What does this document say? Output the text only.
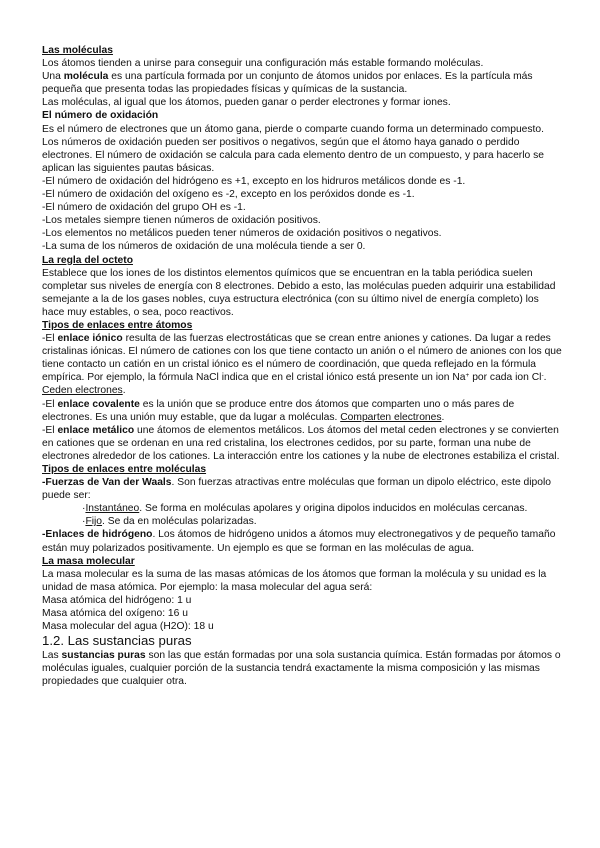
Las moléculas

Los átomos tienden a unirse para conseguir una configuración más estable formando moléculas.

Una molécula es una partícula formada por un conjunto de átomos unidos por enlaces. Es la partícula más pequeña que presenta todas las propiedades físicas y químicas de la sustancia.

Las moléculas, al igual que los átomos, pueden ganar o perder electrones y formar iones.

El número de oxidación

Es el número de electrones que un átomo gana, pierde o comparte cuando forma un determinado compuesto. Los números de oxidación pueden ser positivos o negativos, según que el átomo haya ganado o perdido electrones. El número de oxidación se calcula para cada elemento dentro de un compuesto, y para hacerlo se aplican las siguientes pautas básicas.

-El número de oxidación del hidrógeno es +1, excepto en los hidruros metálicos donde es -1.

-El número de oxidación del oxígeno es -2, excepto en los peróxidos donde es -1.

-El número de oxidación del grupo OH es -1.

-Los metales siempre tienen números de oxidación positivos.

-Los elementos no metálicos pueden tener números de oxidación positivos o negativos.

-La suma de los números de oxidación de una molécula tiende a ser 0.

La regla del octeto

Establece que los iones de los distintos elementos químicos que se encuentran en la tabla periódica suelen completar sus niveles de energía con 8 electrones. Debido a esto, las moléculas pueden adquirir una estabilidad semejante a la de los gases nobles, cuya estructura electrónica (con su último nivel de energía completo) los hace muy estables, o sea, poco reactivos.

Tipos de enlaces entre átomos

-El enlace iónico resulta de las fuerzas electrostáticas que se crean entre aniones y cationes. Da lugar a redes cristalinas iónicas. El número de cationes con los que tiene contacto un anión o el número de aniones con los que tiene contacto un catión en un cristal iónico es el número de coordinación, que queda reflejado en la fórmula empírica. Por ejemplo, la fórmula NaCl indica que en el cristal iónico está presente un ion Na+ por cada ion Cl-. Ceden electrones.

-El enlace covalente es la unión que se produce entre dos átomos que comparten uno o más pares de electrones. Es una unión muy estable, que da lugar a moléculas. Comparten electrones.

-El enlace metálico une átomos de elementos metálicos. Los átomos del metal ceden electrones y se convierten en cationes que se ordenan en una red cristalina, los electrones cedidos, por su parte, forman una nube de electrones alrededor de los cationes. La interacción entre los cationes y la nube de electrones estabiliza el cristal.

Tipos de enlaces entre moléculas

-Fuerzas de Van der Waals. Son fuerzas atractivas entre moléculas que forman un dipolo eléctrico, este dipolo puede ser:

·Instantáneo. Se forma en moléculas apolares y origina dipolos inducidos en moléculas cercanas.

·Fijo. Se da en moléculas polarizadas.

-Enlaces de hidrógeno. Los átomos de hidrógeno unidos a átomos muy electronegativos y de pequeño tamaño están muy polarizados positivamente. Un ejemplo es que se forman en las moléculas de agua.

La masa molecular

La masa molecular es la suma de las masas atómicas de los átomos que forman la molécula y su unidad es la unidad de masa atómica. Por ejemplo: la masa molecular del agua será:

Masa atómica del hidrógeno: 1 u

Masa atómica del oxígeno: 16 u

Masa molecular del agua (H2O): 18 u

1.2. Las sustancias puras

Las sustancias puras son las que están formadas por una sola sustancia química. Están formadas por átomos o moléculas iguales, cualquier porción de la sustancia tendrá exactamente la misma composición y las mismas propiedades que cualquier otra.
